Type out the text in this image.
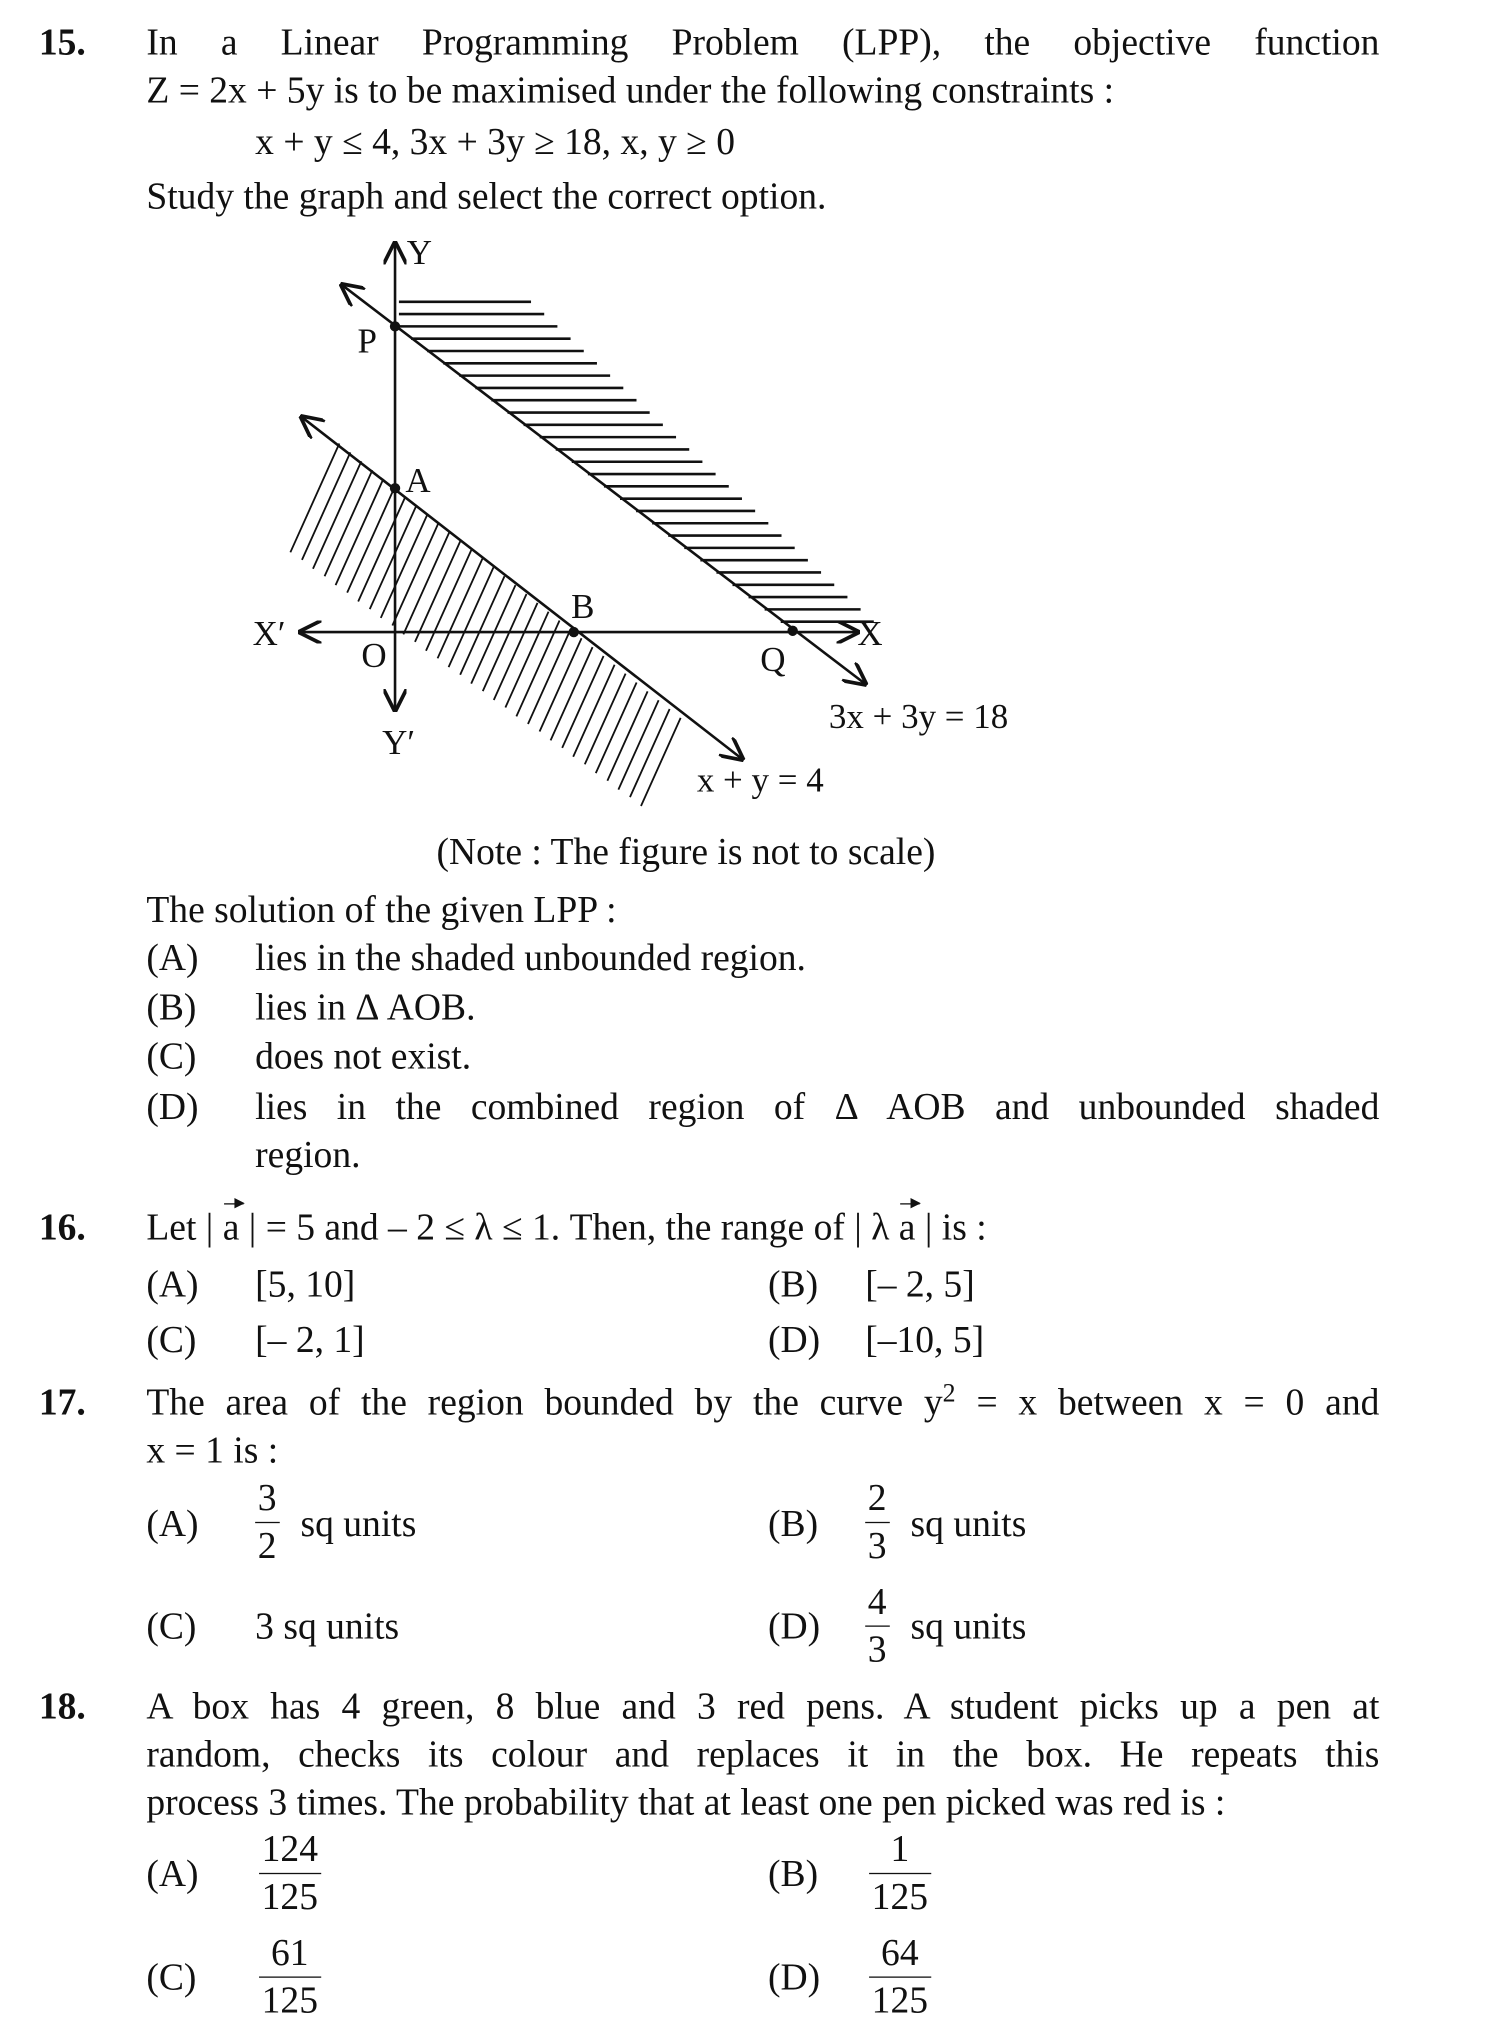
15. In a Linear Programming Problem (LPP), the objective function
Z = 2x + 5y is to be maximised under the following constraints :
x + y ≤ 4, 3x + 3y ≥ 18, x, y ≥ 0
Study the graph and select the correct option.
Y
P
A
B
X′
O	Q
X
Y′
3x + 3y = 18
x + y = 4
(Note : The figure is not to scale)
The solution of the given LPP :
(A) lies in the shaded unbounded region.
(B) lies in Δ AOB.
(C) does not exist.
(D) lies in the combined region of Δ AOB and unbounded shaded
region.
16. Let | a | = 5 and – 2 ≤ λ ≤ 1. Then, the range of | λ a | is :
(A) [5, 10]	(B) [– 2, 5]
(C) [– 2, 1]	(D) [–10, 5]
17. The area of the region bounded by the curve $y^2 = x$ between x = 0 and
x = 1 is :
$(A) \frac{3}{2}$ sq units	$(B) \frac{2}{3}$ sq units
(C) 3 sq units	$(D) \frac{4}{3}$ sq units
18. A box has 4 green, 8 blue and 3 red pens. A student picks up a pen at
random, checks its colour and replaces it in the box. He repeats this
process 3 times. The probability that at least one pen picked was red is :
$(A) \frac{124}{125}$	$(B) \frac{1}{125}$
$(C) \frac{61}{125}$	$(D) \frac{64}{125}$
